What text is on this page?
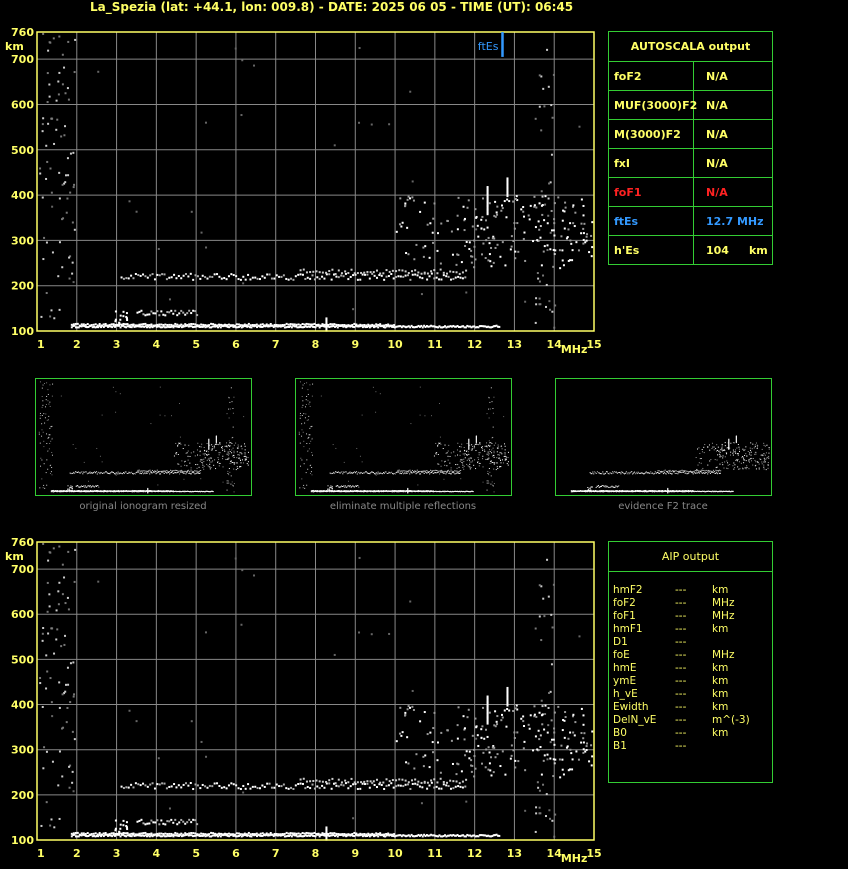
La_Spezia (lat: +44.1, lon: 009.8) - DATE: 2025 06 05 - TIME (UT): 06:45
1	2	3	4	5	6	7	8	9	10 11 12 13 14 15
100
200
300
400
500
600
700
760
MHz
km	ftEs	AUTOSCALA output
foF2	N/A
MUF(3000)F2 N/A
M(3000)F2	N/A
fxI	N/A
foF1	N/A
ftEs	12.7 MHz
h'Es	104 km
original ionogram resized	eliminate multiple reflections	evidence F2 trace
1	2	3	4	5	6	7	8	9	10 11 12 13 14 15
100
200
300
400
500
600
700
760
MHz
km	AIP output
hmF2	---	km
foF2	---	MHz
foF1	---	MHz
hmF1	---	km
D1	---
foE	---	MHz
hmE	---	km
ymE	---	km
h_vE	---	km
Ewidth	---	km
DelN_vE	---	m^(-3)
B0	---	km
B1	---
